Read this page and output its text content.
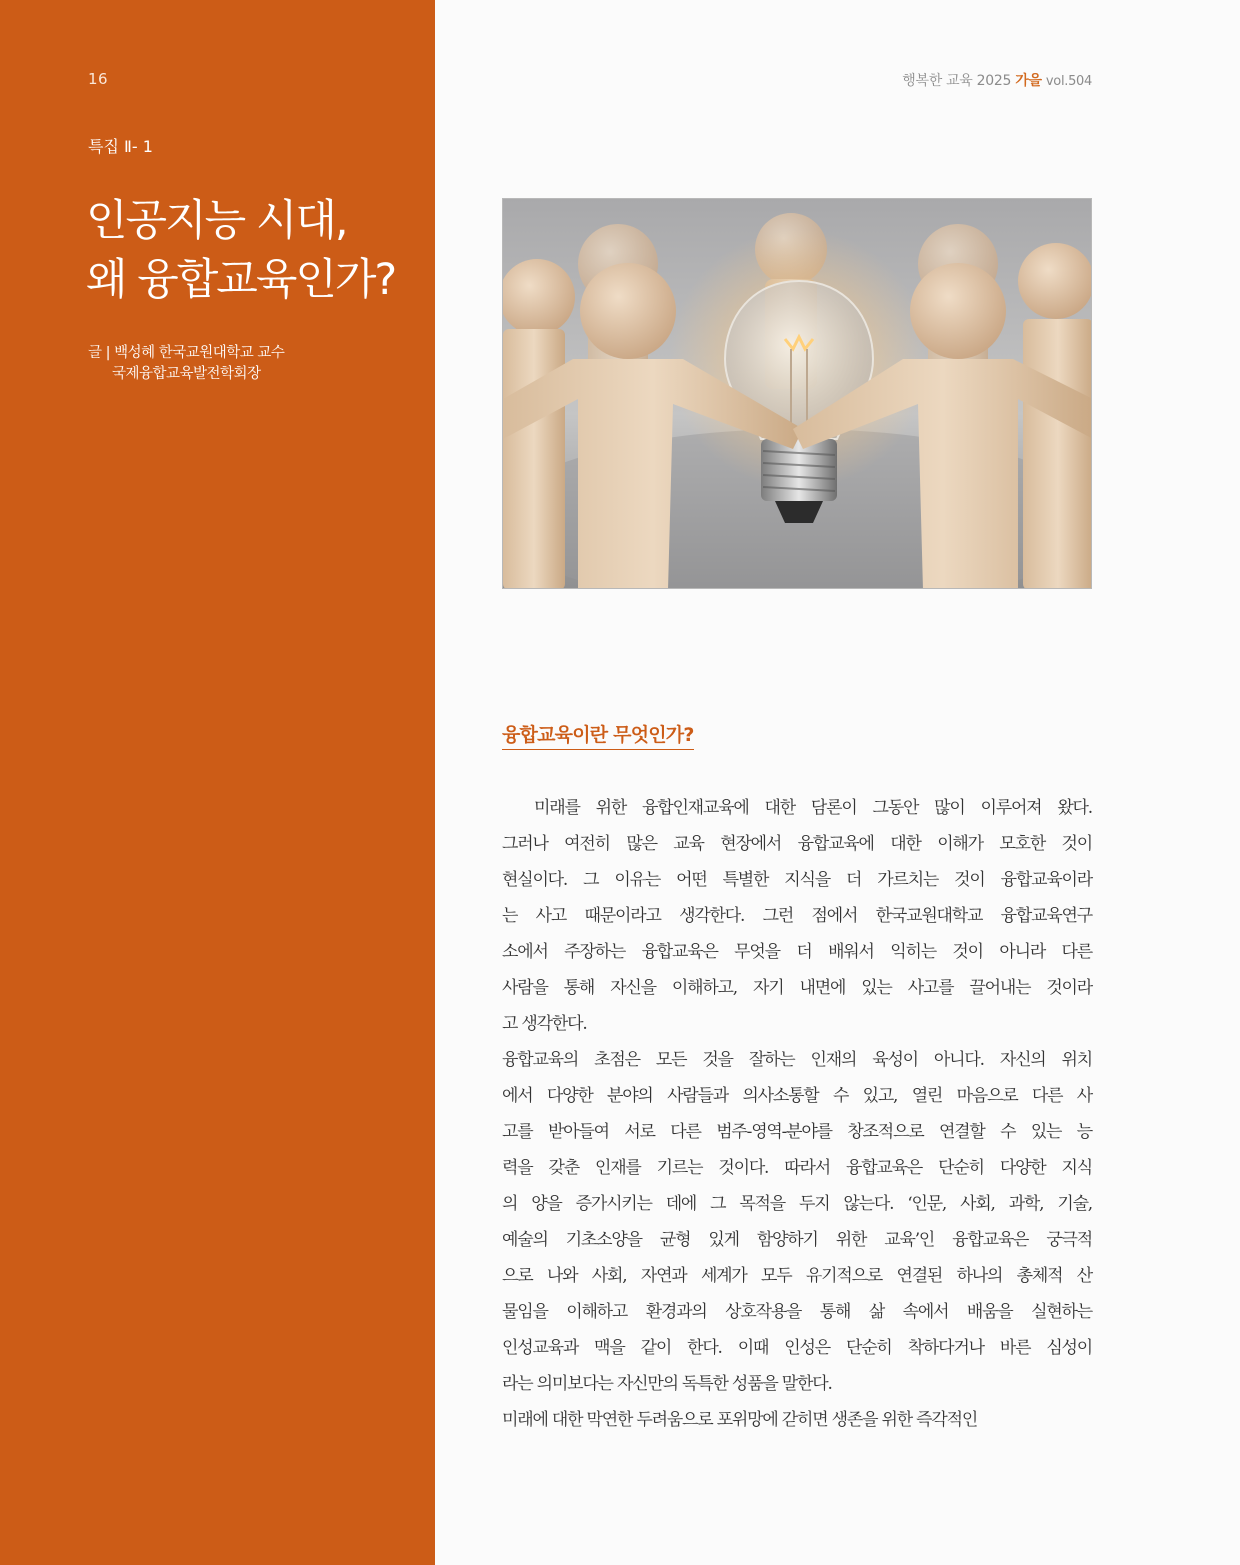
16
특집 Ⅱ- 1
인공지능 시대,
왜 융합교육인가?
글 | 백성혜 한국교원대학교 교수
국제융합교육발전학회장
행복한 교육 2025 가을 vol.504
융합교육이란 무엇인가?
미래를 위한 융합인재교육에 대한 담론이 그동안 많이 이루어져 왔다.
그러나 여전히 많은 교육 현장에서 융합교육에 대한 이해가 모호한 것이
현실이다. 그 이유는 어떤 특별한 지식을 더 가르치는 것이 융합교육이라
는 사고 때문이라고 생각한다. 그런 점에서 한국교원대학교 융합교육연구
소에서 주장하는 융합교육은 무엇을 더 배워서 익히는 것이 아니라 다른
사람을 통해 자신을 이해하고, 자기 내면에 있는 사고를 끌어내는 것이라
고 생각한다.
융합교육의 초점은 모든 것을 잘하는 인재의 육성이 아니다. 자신의 위치
에서 다양한 분야의 사람들과 의사소통할 수 있고, 열린 마음으로 다른 사
고를 받아들여 서로 다른 범주-영역-분야를 창조적으로 연결할 수 있는 능
력을 갖춘 인재를 기르는 것이다. 따라서 융합교육은 단순히 다양한 지식
의 양을 증가시키는 데에 그 목적을 두지 않는다. ‘인문, 사회, 과학, 기술,
예술의 기초소양을 균형 있게 함양하기 위한 교육’인 융합교육은 궁극적
으로 나와 사회, 자연과 세계가 모두 유기적으로 연결된 하나의 총체적 산
물임을 이해하고 환경과의 상호작용을 통해 삶 속에서 배움을 실현하는
인성교육과 맥을 같이 한다. 이때 인성은 단순히 착하다거나 바른 심성이
라는 의미보다는 자신만의 독특한 성품을 말한다.
미래에 대한 막연한 두려움으로 포위망에 갇히면 생존을 위한 즉각적인
